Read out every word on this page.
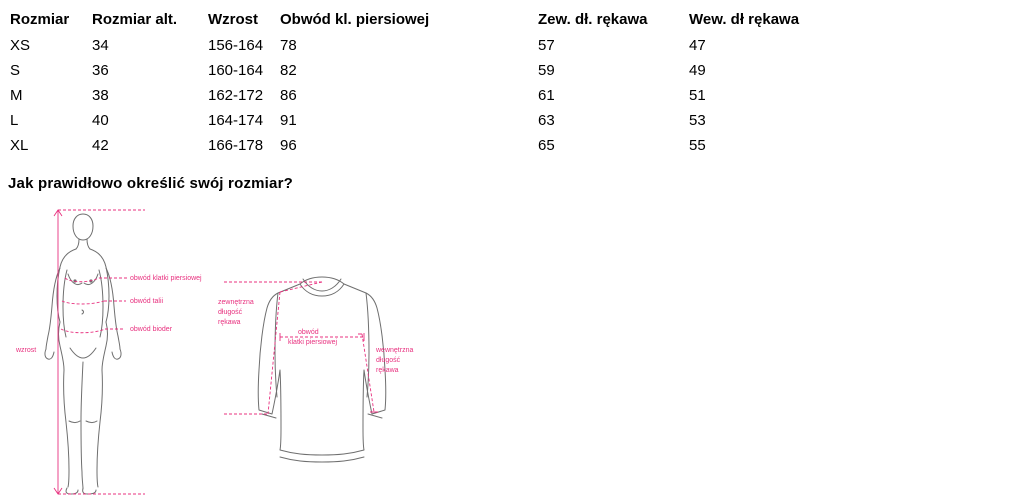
Rozmiar	Rozmiar alt.	Wzrost	Obwód kl. piersiowej	Zew. dł. rękawa	Wew. dł rękawa
XS	34	156-164	78	57	47
S	36	160-164	82	59	49
M	38	162-172	86	61	51
L	40	164-174	91	63	53
XL	42	166-178	96	65	55
Jak prawidłowo określić swój rozmiar?
obwód klatki piersiowej
obwód talii
obwód bioder
wzrost
zewnętrzna
długość
rękawa
obwód
klatki piersiowej
wewnętrzna
długość
rękawa
